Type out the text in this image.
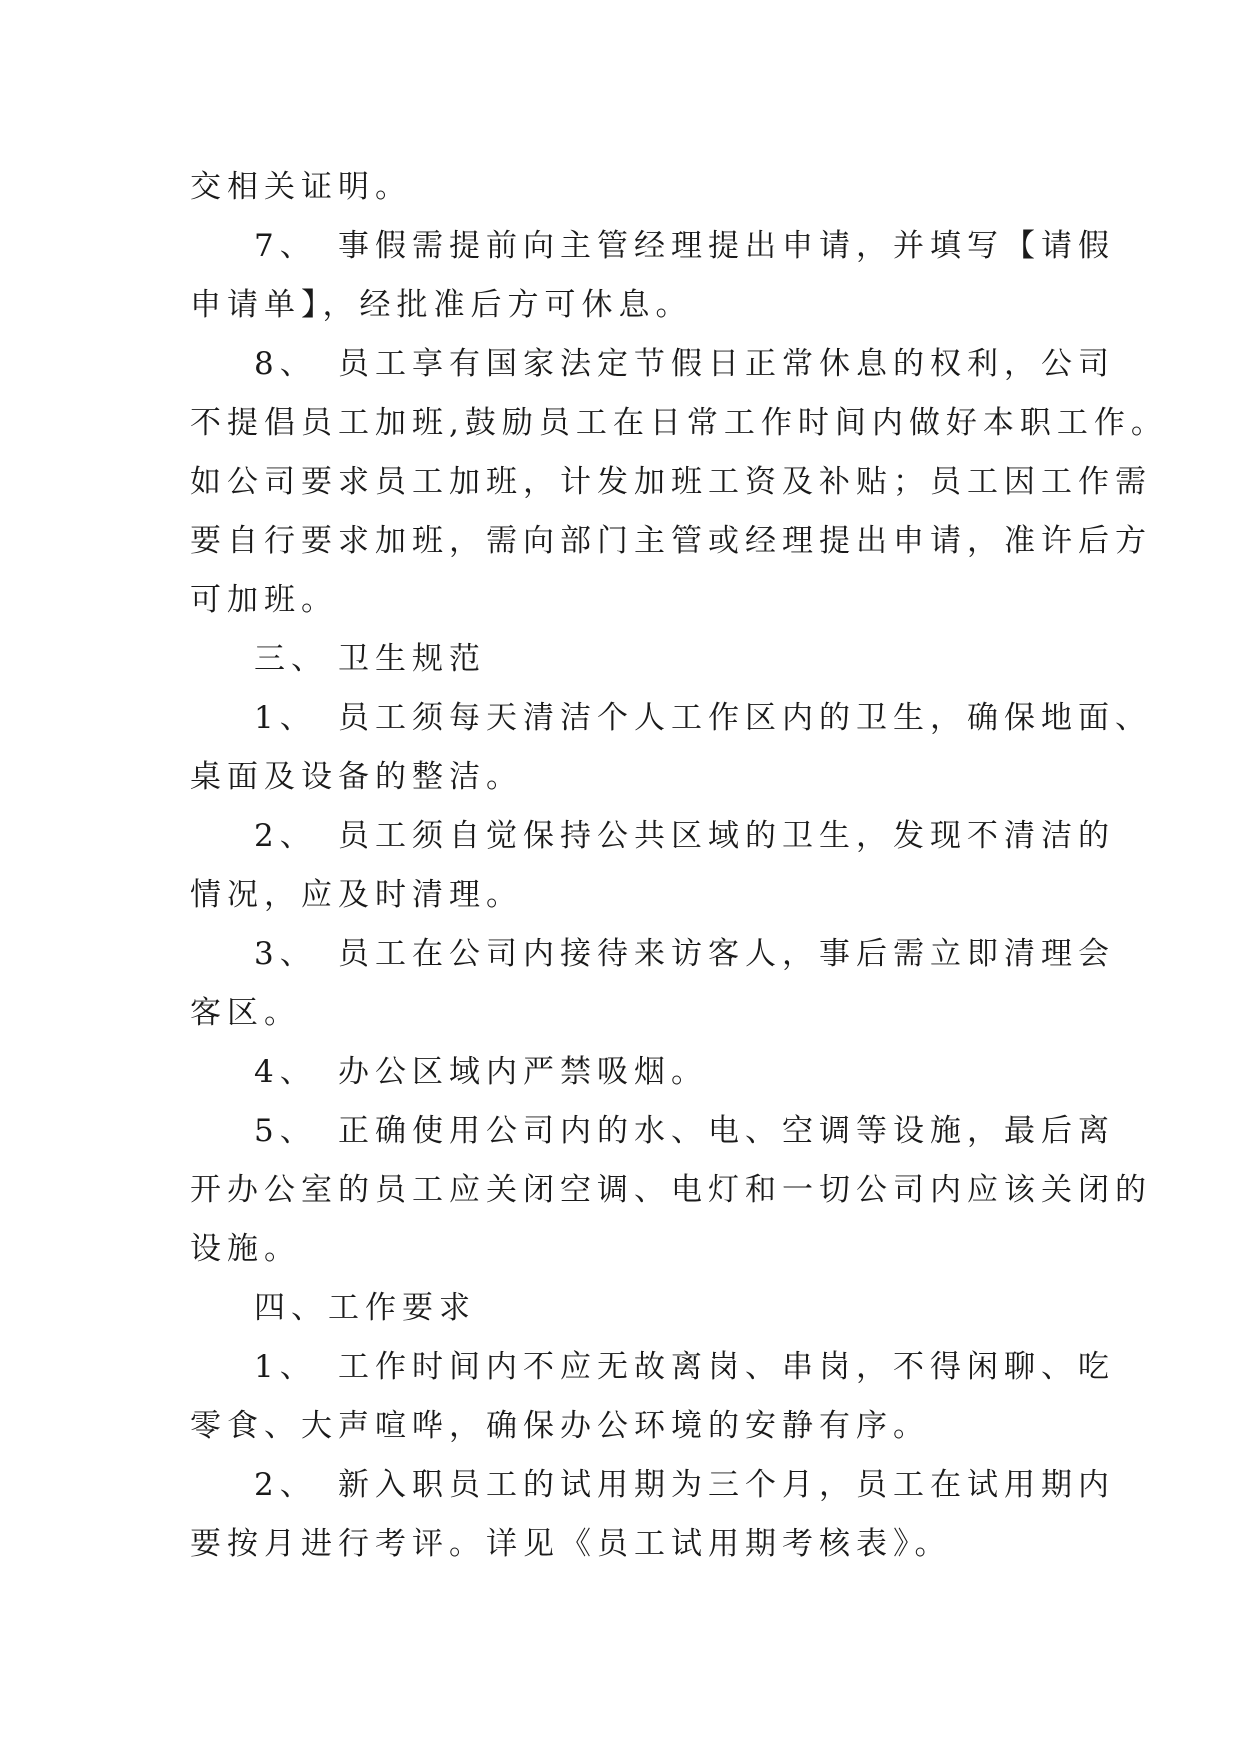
交相关证明。
7、 事假需提前向主管经理提出申请，并填写【请假
申请单】，经批准后方可休息。
8、 员工享有国家法定节假日正常休息的权利，公司
不提倡员工加班,鼓励员工在日常工作时间内做好本职工作。
如公司要求员工加班，计发加班工资及补贴；员工因工作需
要自行要求加班，需向部门主管或经理提出申请，准许后方
可加班。
三、 卫生规范
1、 员工须每天清洁个人工作区内的卫生，确保地面、
桌面及设备的整洁。
2、 员工须自觉保持公共区域的卫生，发现不清洁的
情况，应及时清理。
3、 员工在公司内接待来访客人，事后需立即清理会
客区。
4、 办公区域内严禁吸烟。
5、 正确使用公司内的水、电、空调等设施，最后离
开办公室的员工应关闭空调、电灯和一切公司内应该关闭的
设施。
四、工作要求
1、 工作时间内不应无故离岗、串岗，不得闲聊、吃
零食、大声喧哗，确保办公环境的安静有序。
2、 新入职员工的试用期为三个月，员工在试用期内
要按月进行考评。详见《员工试用期考核表》。
